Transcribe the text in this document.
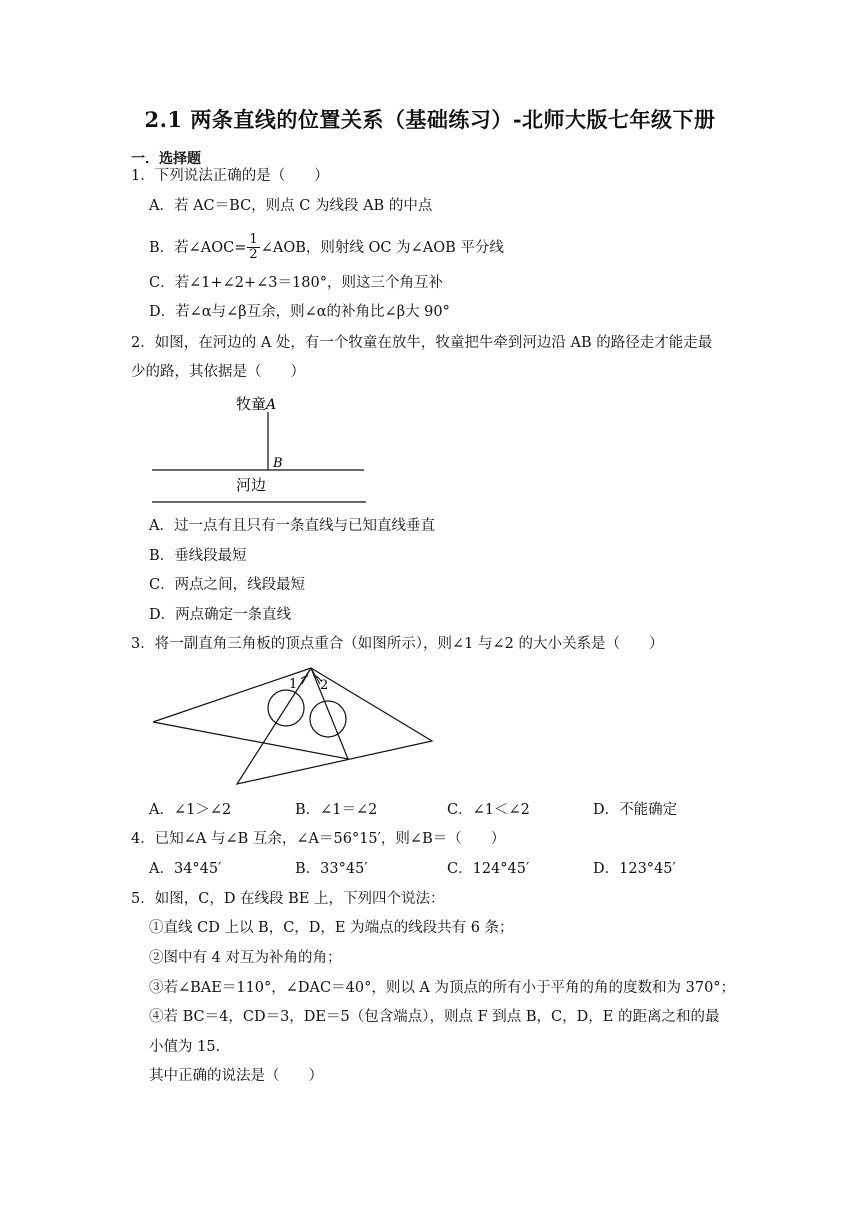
2.1 两条直线的位置关系（基础练习）-北师大版七年级下册
一．选择题
1．下列说法正确的是（　　）
A．若 AC＝BC，则点 C 为线段 AB 的中点
B．若∠AOC= $\frac{1}{2}$ ∠AOB，则射线 OC 为∠AOB 平分线
C．若∠1+∠2+∠3＝180°，则这三个角互补
D．若∠α与∠β互余，则∠α的补角比∠β大 90°
2．如图，在河边的 A 处，有一个牧童在放牛，牧童把牛牵到河边沿 AB 的路径走才能走最
少的路，其依据是（　　）
牧童 A
B
河边
A．过一点有且只有一条直线与已知直线垂直
B．垂线段最短
C．两点之间，线段最短
D．两点确定一条直线
3．将一副直角三角板的顶点重合（如图所示），则∠1 与∠2 的大小关系是（　　）
1 2
A．∠1＞∠2	B．∠1＝∠2	C．∠1＜∠2	D．不能确定
4．已知∠A 与∠B 互余，∠A＝56°15′，则∠B＝（　　）
A．34°45′	B．33°45′	C．124°45′	D．123°45′
5．如图，C，D 在线段 BE 上，下列四个说法：
①直线 CD 上以 B，C，D，E 为端点的线段共有 6 条；
②图中有 4 对互为补角的角；
③若∠BAE＝110°，∠DAC＝40°，则以 A 为顶点的所有小于平角的角的度数和为 370°；
④若 BC＝4，CD＝3，DE＝5（包含端点），则点 F 到点 B，C，D，E 的距离之和的最
小值为 15.
其中正确的说法是（　　）
